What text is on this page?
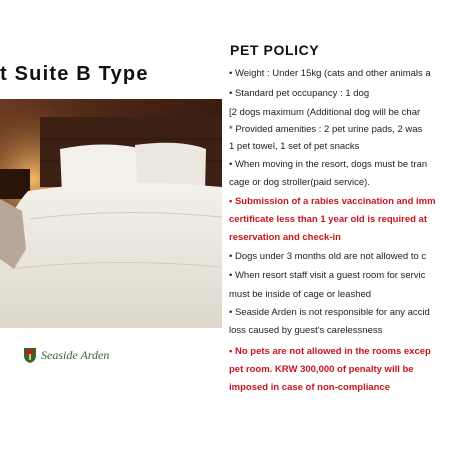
t Suite B Type
Seaside Arden
PET POLICY
• Weight : Under 15kg (cats and other animals a
• Standard pet occupancy : 1 dog
[2 dogs maximum (Additional dog will be char
* Provided amenities : 2 pet urine pads, 2 was
1 pet towel, 1 set of pet snacks
• When moving in the resort, dogs must be tran
cage or dog stroller(paid service).
• Submission of a rabies vaccination and imm
certificate less than 1 year old is required at
reservation and check-in
• Dogs under 3 months old are not allowed to c
• When resort staff visit a guest room for servic
must be inside of cage or leashed
• Seaside Arden is not responsible for any accid
loss caused by guest's carelessness
• No pets are not allowed in the rooms excep
pet room. KRW 300,000 of penalty will be
imposed in case of non-compliance
